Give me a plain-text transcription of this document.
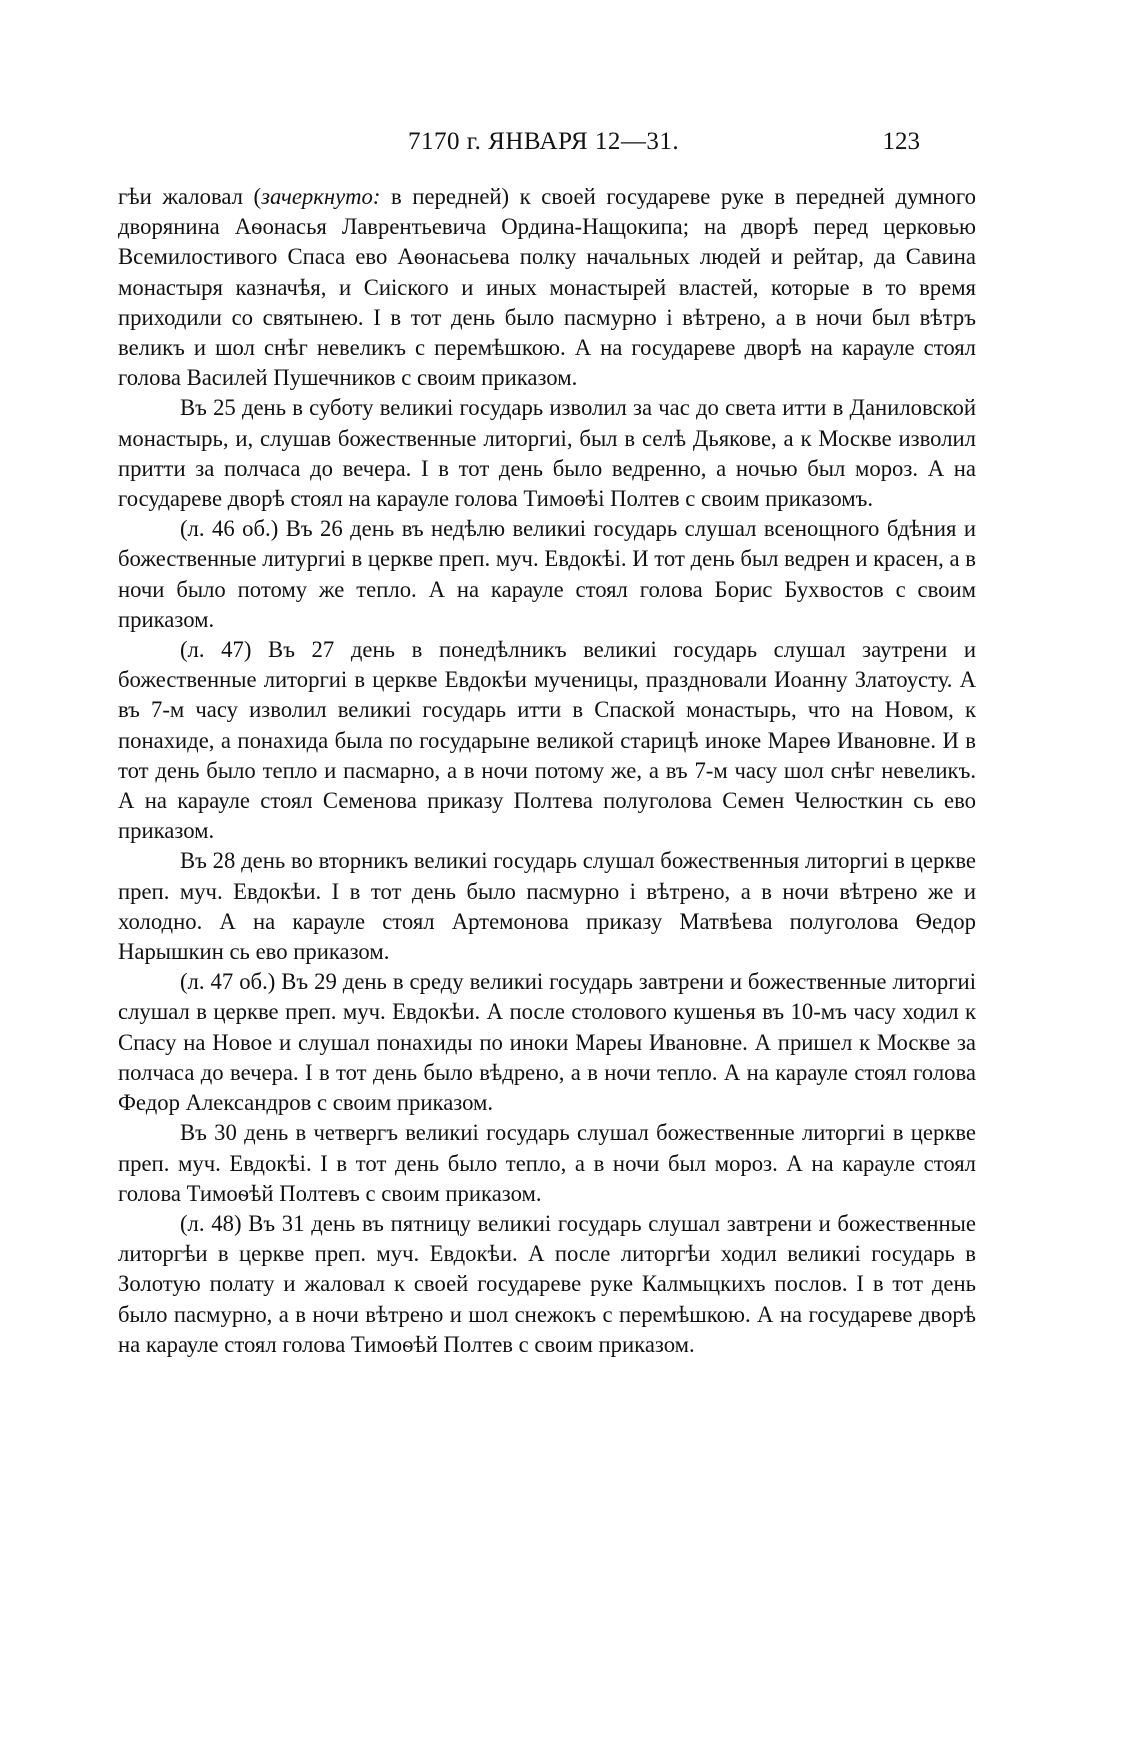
7170 г. ЯНВАРЯ 12—31.	123

гѣи жаловал (зачеркнуто: в передней) к своей государеве руке в передней думного дворянина Аѳонасья Лаврентьевича Ордина-Нащокипа; на дворѣ перед церковью Всемилостивого Спаса ево Аѳонасьева полку начальных людей и рейтар, да Савина монастыря казначѣя, и Сиіского и иных монастырей властей, которые в то время приходили со святынею. І в тот день было пасмурно і вѣтрено, а в ночи был вѣтръ великъ и шол снѣг невеликъ с перемѣшкою. А на государеве дворѣ на карауле стоял голова Василей Пушечников с своим приказом.

Въ 25 день в суботу великиі государь изволил за час до света итти в Даниловской монастырь, и, слушав божественные литоргиі, был в селѣ Дьякове, а к Москве изволил притти за полчаса до вечера. І в тот день было ведренно, а ночью был мороз. А на государеве дворѣ стоял на карауле голова Тимоѳѣі Полтев с своим приказомъ.

(л. 46 об.) Въ 26 день въ недѣлю великиі государь слушал всенощного бдѣния и божественные литургиі в церкве преп. муч. Евдокѣі. И тот день был ведрен и красен, а в ночи было потому же тепло. А на карауле стоял голова Борис Бухвостов с своим приказом.

(л. 47) Въ 27 день в понедѣлникъ великиі государь слушал заутрени и божественные литоргиі в церкве Евдокѣи мученицы, праздновали Иоанну Златоусту. А въ 7-м часу изволил великиі государь итти в Спаской монастырь, что на Новом, к понахиде, а понахида была по государыне великой старицѣ иноке Мареѳ Ивановне. И в тот день было тепло и пасмарно, а в ночи потому же, а въ 7-м часу шол снѣг невеликъ. А на карауле стоял Семенова приказу Полтева полуголова Семен Челюсткин сь ево приказом.

Въ 28 день во вторникъ великиі государь слушал божественныя литоргиі в церкве преп. муч. Евдокѣи. І в тот день было пасмурно і вѣтрено, а в ночи вѣтрено же и холодно. А на карауле стоял Артемонова приказу Матвѣева полуголова Ѳедор Нарышкин сь ево приказом.

(л. 47 об.) Въ 29 день в среду великиі государь завтрени и божественные литоргиі слушал в церкве преп. муч. Евдокѣи. А после столового кушенья въ 10-мъ часу ходил к Спасу на Новое и слушал понахиды по иноки Мареы Ивановне. А пришел к Москве за полчаса до вечера. І в тот день было вѣдрено, а в ночи тепло. А на карауле стоял голова Федор Александров с своим приказом.

Въ 30 день в четвергъ великиі государь слушал божественные литоргиі в церкве преп. муч. Евдокѣі. І в тот день было тепло, а в ночи был мороз. А на карауле стоял голова Тимоѳѣй Полтевъ с своим приказом.

(л. 48) Въ 31 день въ пятницу великиі государь слушал завтрени и божественные литоргѣи в церкве преп. муч. Евдокѣи. А после литоргѣи ходил великиі государь в Золотую полату и жаловал к своей государеве руке Калмыцкихъ послов. І в тот день было пасмурно, а в ночи вѣтрено и шол снежокъ с перемѣшкою. А на государеве дворѣ на карауле стоял голова Тимоѳѣй Полтев с своим приказом.
